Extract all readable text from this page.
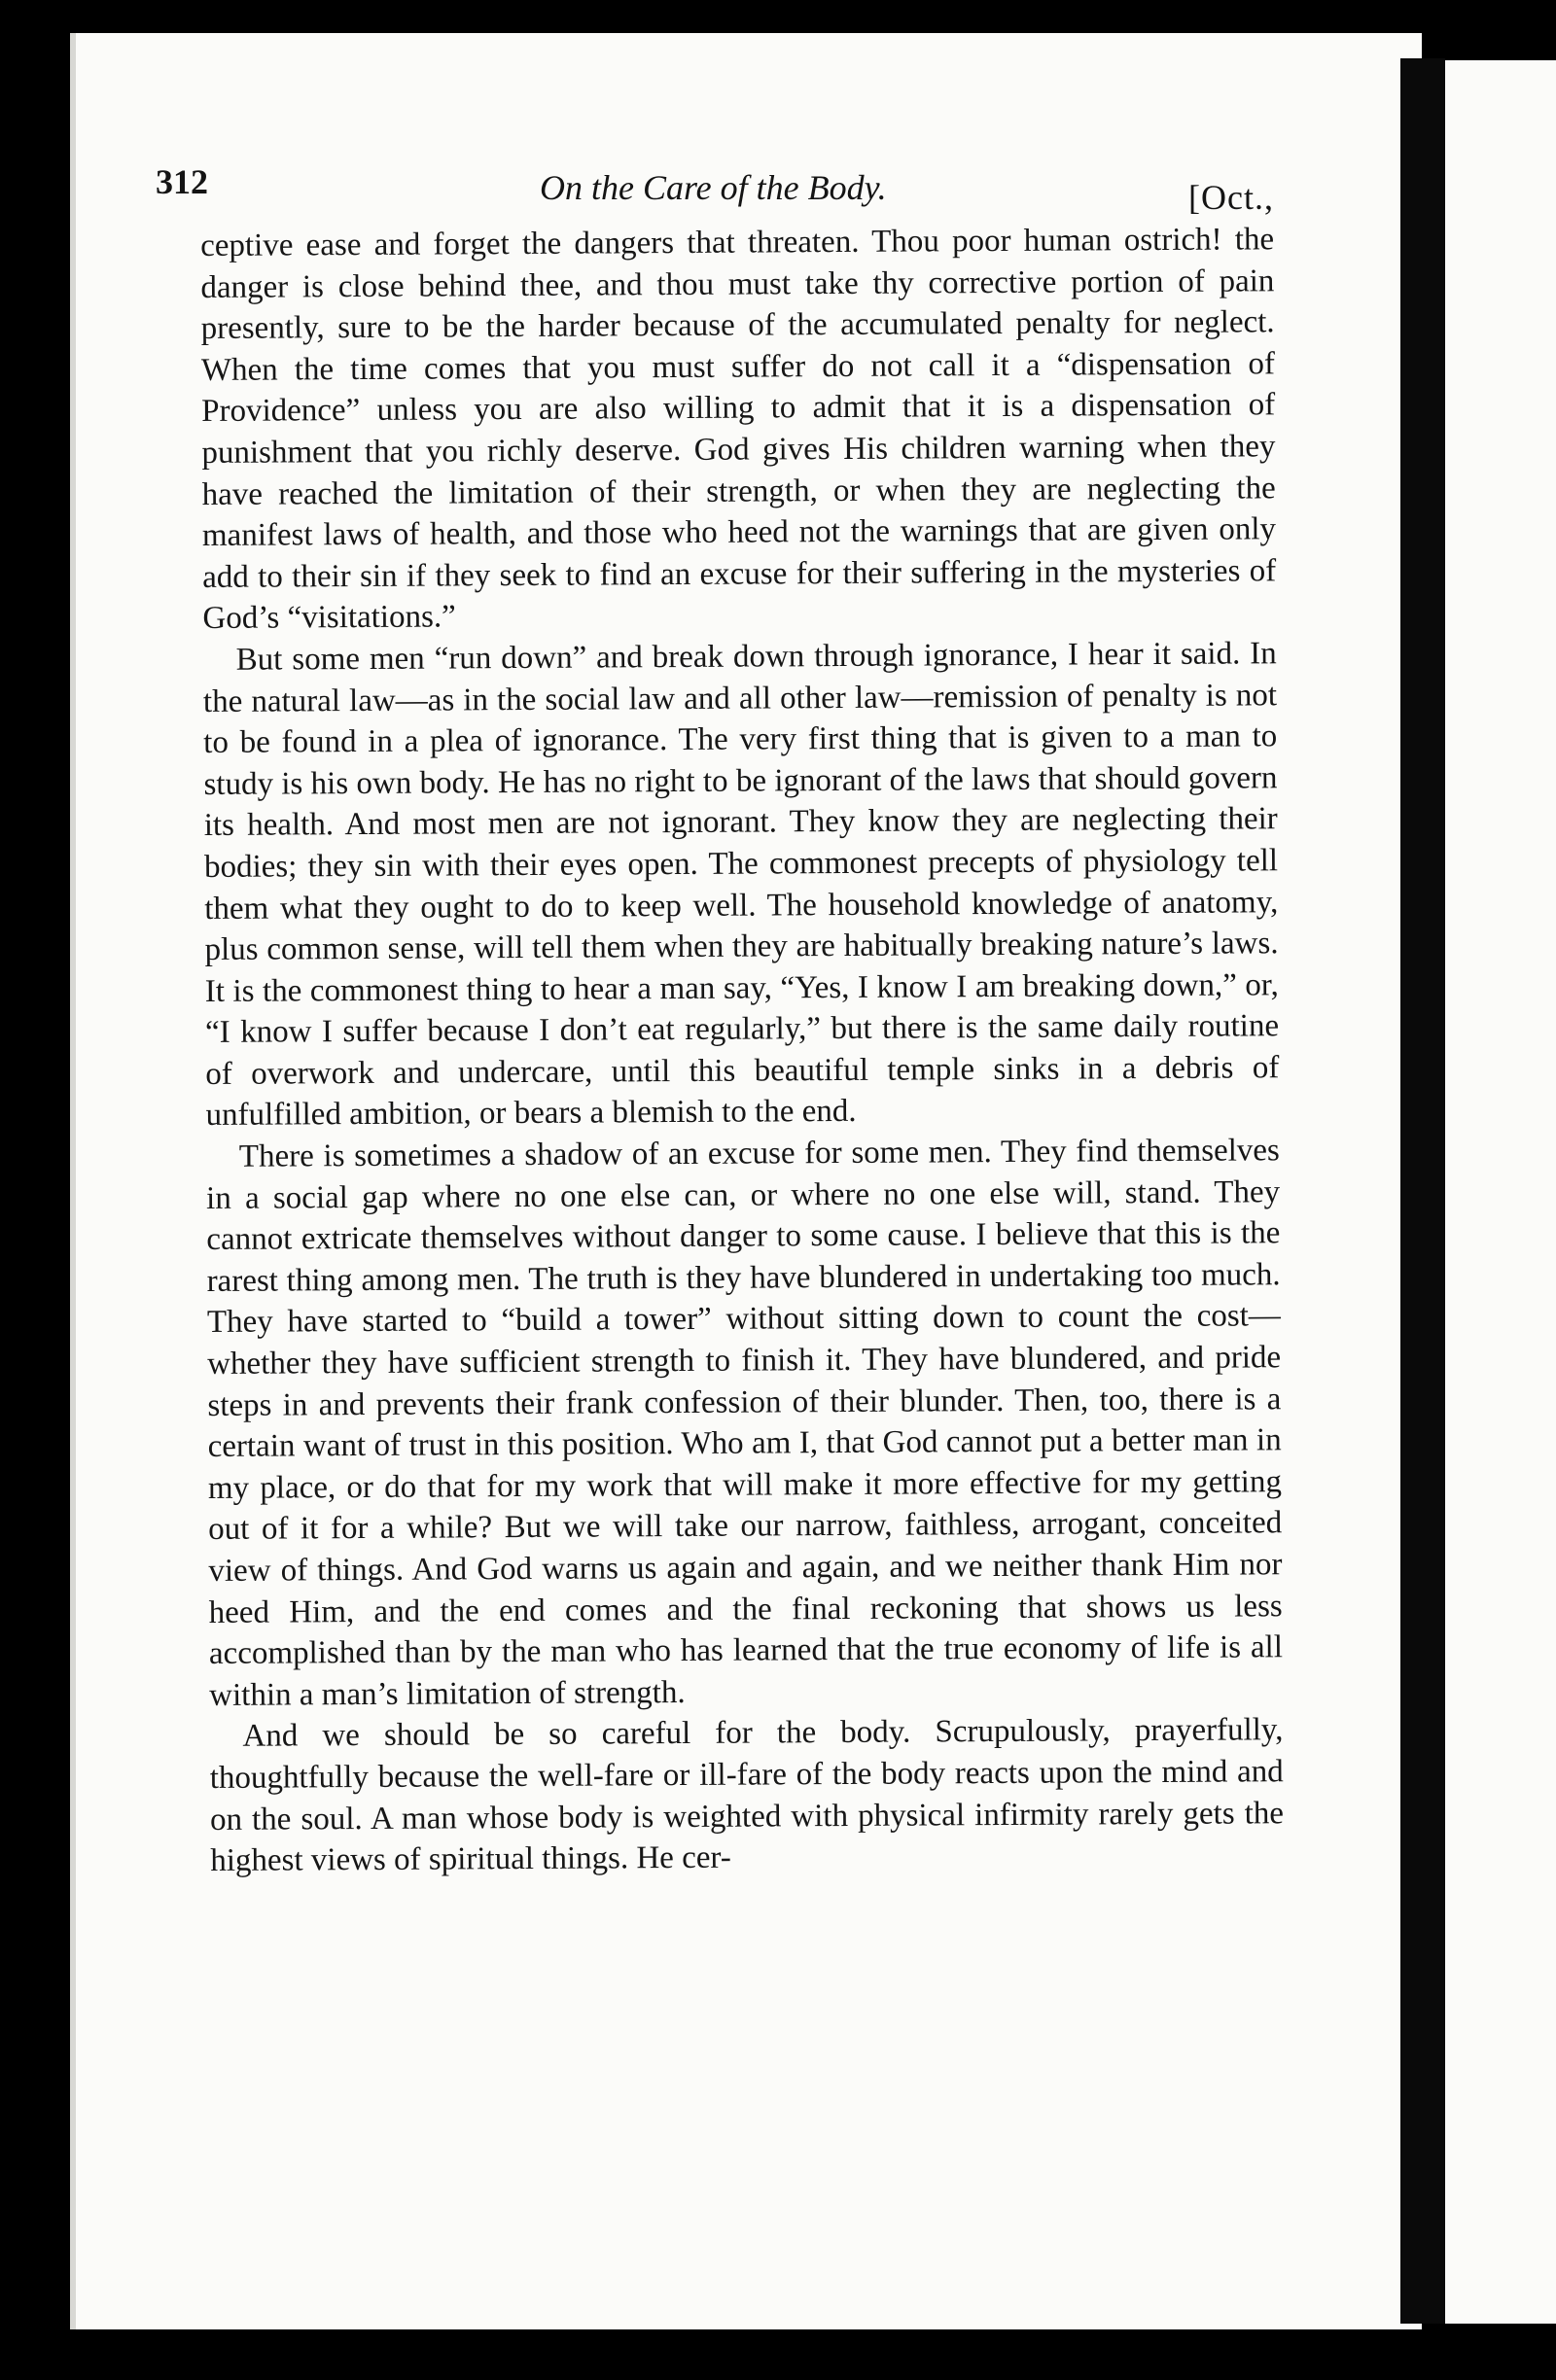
312	On the Care of the Body.	[Oct.,

ceptive ease and forget the dangers that threaten. Thou poor human ostrich! the danger is close behind thee, and thou must take thy corrective portion of pain presently, sure to be the harder because of the accumulated penalty for neglect. When the time comes that you must suffer do not call it a “dispensation of Providence” unless you are also willing to admit that it is a dispensation of punishment that you richly deserve. God gives His children warning when they have reached the limitation of their strength, or when they are neglecting the manifest laws of health, and those who heed not the warnings that are given only add to their sin if they seek to find an excuse for their suffering in the mysteries of God’s “visitations.”

But some men “run down” and break down through ignorance, I hear it said. In the natural law—as in the social law and all other law—remission of penalty is not to be found in a plea of ignorance. The very first thing that is given to a man to study is his own body. He has no right to be ignorant of the laws that should govern its health. And most men are not ignorant. They know they are neglecting their bodies; they sin with their eyes open. The commonest precepts of physiology tell them what they ought to do to keep well. The household knowledge of anatomy, plus common sense, will tell them when they are habitually breaking nature’s laws. It is the commonest thing to hear a man say, “Yes, I know I am breaking down,” or, “I know I suffer because I don’t eat regularly,” but there is the same daily routine of overwork and undercare, until this beautiful temple sinks in a debris of unfulfilled ambition, or bears a blemish to the end.

There is sometimes a shadow of an excuse for some men. They find themselves in a social gap where no one else can, or where no one else will, stand. They cannot extricate themselves without danger to some cause. I believe that this is the rarest thing among men. The truth is they have blundered in undertaking too much. They have started to “build a tower” without sitting down to count the cost—whether they have sufficient strength to finish it. They have blundered, and pride steps in and prevents their frank confession of their blunder. Then, too, there is a certain want of trust in this position. Who am I, that God cannot put a better man in my place, or do that for my work that will make it more effective for my getting out of it for a while? But we will take our narrow, faithless, arrogant, conceited view of things. And God warns us again and again, and we neither thank Him nor heed Him, and the end comes and the final reckoning that shows us less accomplished than by the man who has learned that the true economy of life is all within a man’s limitation of strength.

And we should be so careful for the body. Scrupulously, prayerfully, thoughtfully because the well-fare or ill-fare of the body reacts upon the mind and on the soul. A man whose body is weighted with physical infirmity rarely gets the highest views of spiritual things. He cer-
